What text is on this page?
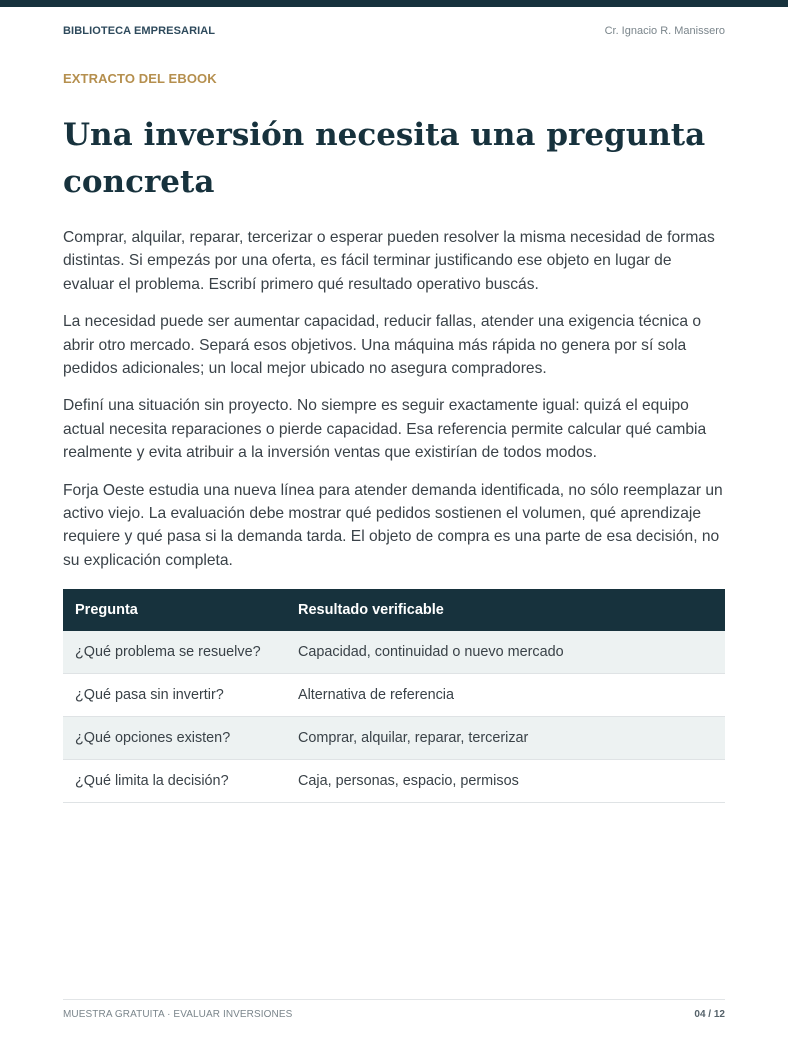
BIBLIOTECA EMPRESARIAL	Cr. Ignacio R. Manissero
EXTRACTO DEL EBOOK
Una inversión necesita una pregunta concreta

Comprar, alquilar, reparar, tercerizar o esperar pueden resolver la misma necesidad de formas distintas. Si empezás por una oferta, es fácil terminar justificando ese objeto en lugar de evaluar el problema. Escribí primero qué resultado operativo buscás.

La necesidad puede ser aumentar capacidad, reducir fallas, atender una exigencia técnica o abrir otro mercado. Separá esos objetivos. Una máquina más rápida no genera por sí sola pedidos adicionales; un local mejor ubicado no asegura compradores.

Definí una situación sin proyecto. No siempre es seguir exactamente igual: quizá el equipo actual necesita reparaciones o pierde capacidad. Esa referencia permite calcular qué cambia realmente y evita atribuir a la inversión ventas que existirían de todos modos.

Forja Oeste estudia una nueva línea para atender demanda identificada, no sólo reemplazar un activo viejo. La evaluación debe mostrar qué pedidos sostienen el volumen, qué aprendizaje requiere y qué pasa si la demanda tarda. El objeto de compra es una parte de esa decisión, no su explicación completa.

Pregunta	Resultado verificable
¿Qué problema se resuelve?	Capacidad, continuidad o nuevo mercado
¿Qué pasa sin invertir?	Alternativa de referencia
¿Qué opciones existen?	Comprar, alquilar, reparar, tercerizar
¿Qué limita la decisión?	Caja, personas, espacio, permisos
MUESTRA GRATUITA · EVALUAR INVERSIONES	04 / 12
